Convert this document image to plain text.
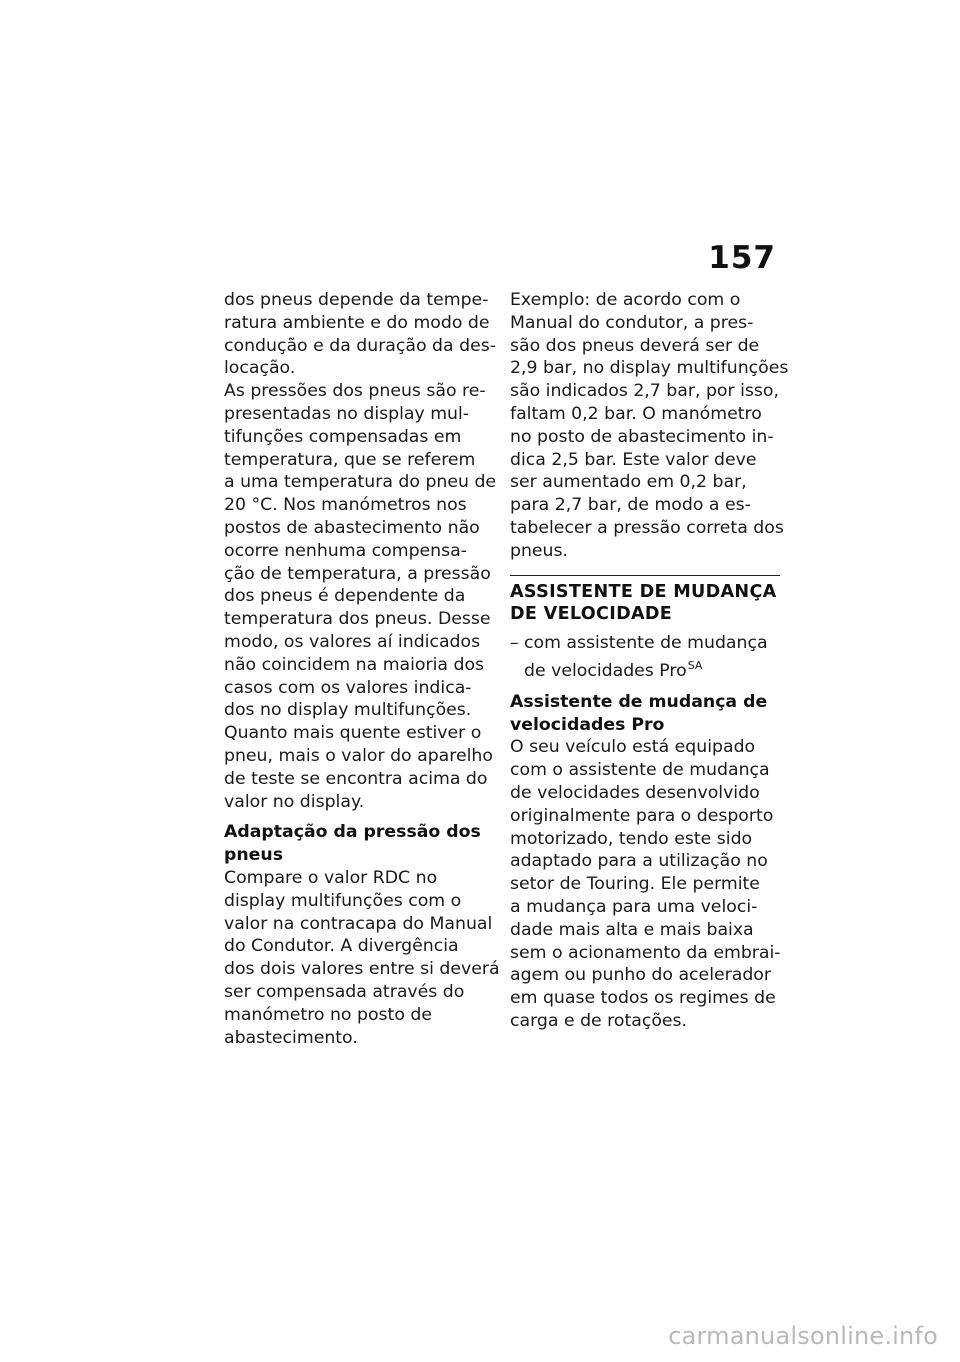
157
dos pneus depende da tempe-
ratura ambiente e do modo de
condução e da duração da des-
locação.
As pressões dos pneus são re-
presentadas no display mul-
tifunções compensadas em
temperatura, que se referem
a uma temperatura do pneu de
20 °C. Nos manómetros nos
postos de abastecimento não
ocorre nenhuma compensa-
ção de temperatura, a pressão
dos pneus é dependente da
temperatura dos pneus. Desse
modo, os valores aí indicados
não coincidem na maioria dos
casos com os valores indica-
dos no display multifunções.
Quanto mais quente estiver o
pneu, mais o valor do aparelho
de teste se encontra acima do
valor no display.
Adaptação da pressão dos
pneus
Compare o valor RDC no
display multifunções com o
valor na contracapa do Manual
do Condutor. A divergência
dos dois valores entre si deverá
ser compensada através do
manómetro no posto de
abastecimento.
Exemplo: de acordo com o
Manual do condutor, a pres-
são dos pneus deverá ser de
2,9 bar, no display multifunções
são indicados 2,7 bar, por isso,
faltam 0,2 bar. O manómetro
no posto de abastecimento in-
dica 2,5 bar. Este valor deve
ser aumentado em 0,2 bar,
para 2,7 bar, de modo a es-
tabelecer a pressão correta dos
pneus.
ASSISTENTE DE MUDANÇA
DE VELOCIDADE
– com assistente de mudança
de velocidades Pro$^{SA}$
Assistente de mudança de
velocidades Pro
O seu veículo está equipado
com o assistente de mudança
de velocidades desenvolvido
originalmente para o desporto
motorizado, tendo este sido
adaptado para a utilização no
setor de Touring. Ele permite
a mudança para uma veloci-
dade mais alta e mais baixa
sem o acionamento da embrai-
agem ou punho do acelerador
em quase todos os regimes de
carga e de rotações.
carmanualsonline.info
